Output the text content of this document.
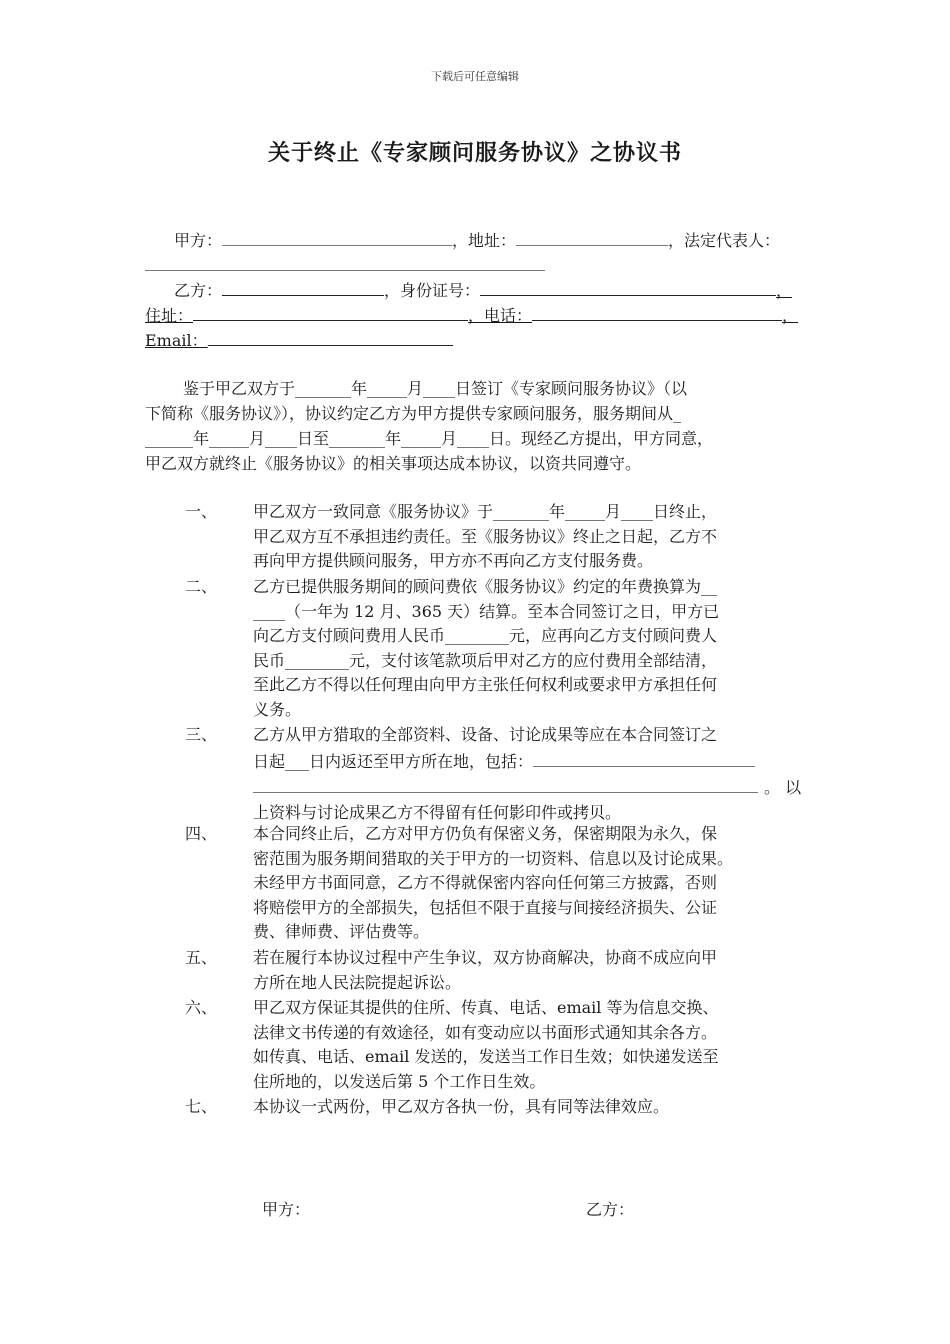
下载后可任意编辑
关于终止《专家顾问服务协议》之协议书
甲方：	，地址：	，法定代表人：
乙方：	，身份证号：	，
住址：	，电话：	，
Email：

鉴于甲乙双方于_______年_____月____日签订《专家顾问服务协议》（以

下简称《服务协议》），协议约定乙方为甲方提供专家顾问服务，服务期间从_

______年_____月____日至_______年_____月____日。现经乙方提出，甲方同意，

甲乙双方就终止《服务协议》的相关事项达成本协议，以资共同遵守。

一、 甲乙双方一致同意《服务协议》于_______年_____月____日终止，
甲乙双方互不承担违约责任。至《服务协议》终止之日起，乙方不
再向甲方提供顾问服务，甲方亦不再向乙方支付服务费。
二、 乙方已提供服务期间的顾问费依《服务协议》约定的年费换算为__
____（一年为 12 月、365 天）结算。至本合同签订之日，甲方已
向乙方支付顾问费用人民币________元，应再向乙方支付顾问费人
民币________元，支付该笔款项后甲对乙方的应付费用全部结清，
至此乙方不得以任何理由向甲方主张任何权利或要求甲方承担任何
义务。
三、 乙方从甲方猎取的全部资料、设备、讨论成果等应在本合同签订之
日起___日内返还至甲方所在地，包括：
。 以
上资料与讨论成果乙方不得留有任何影印件或拷贝。
四、 本合同终止后，乙方对甲方仍负有保密义务，保密期限为永久，保
密范围为服务期间猎取的关于甲方的一切资料、信息以及讨论成果。
未经甲方书面同意，乙方不得就保密内容向任何第三方披露，否则
将赔偿甲方的全部损失，包括但不限于直接与间接经济损失、公证
费、律师费、评估费等。
五、 若在履行本协议过程中产生争议，双方协商解决，协商不成应向甲
方所在地人民法院提起诉讼。
六、 甲乙双方保证其提供的住所、传真、电话、email 等为信息交换、
法律文书传递的有效途径，如有变动应以书面形式通知其余各方。
如传真、电话、email 发送的，发送当工作日生效；如快递发送至
住所地的，以发送后第 5 个工作日生效。
七、 本协议一式两份，甲乙双方各执一份，具有同等法律效应。
甲方：	乙方：
